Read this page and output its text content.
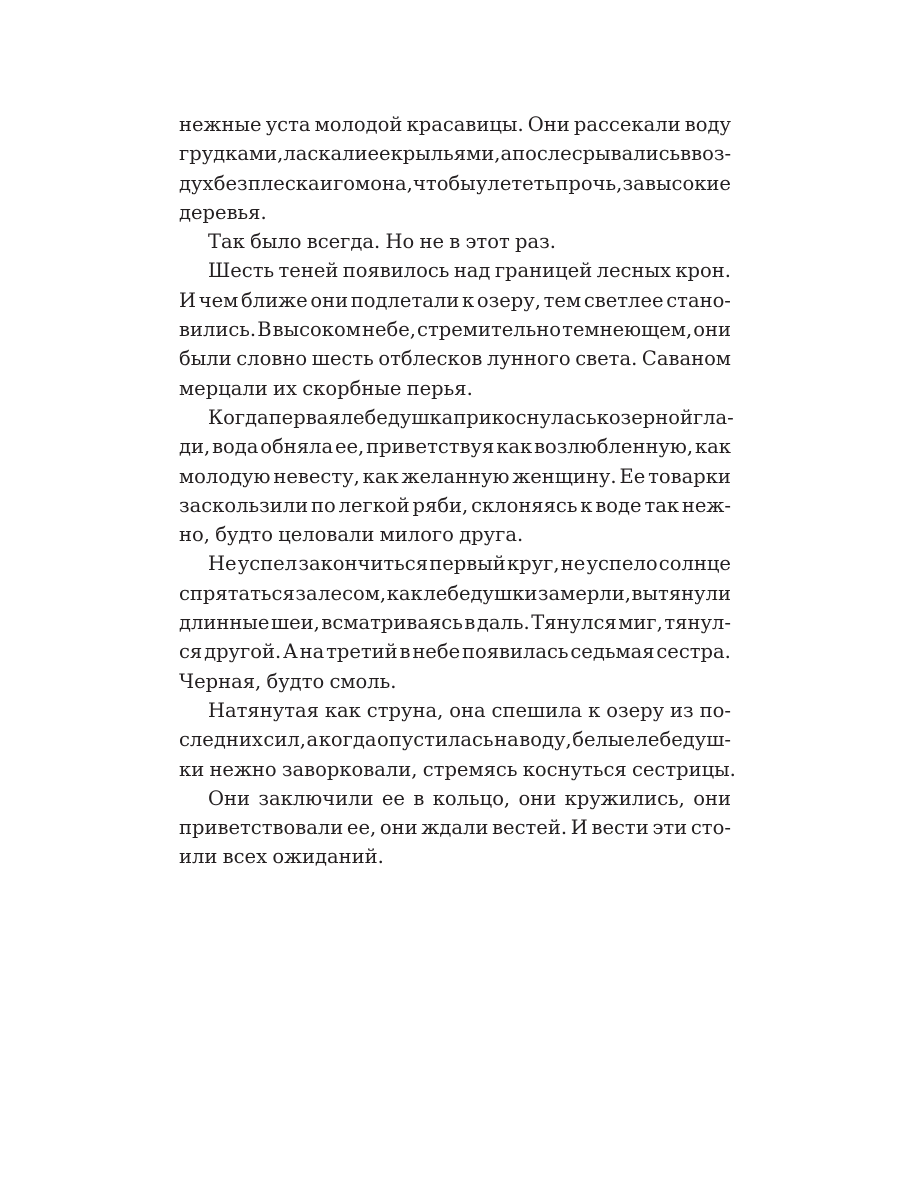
нежные уста молодой красавицы. Они рассекали воду
грудками, ласкали ее крыльями, а после срывались в воз-
дух без плеска и гомона, чтобы улететь прочь, за высокие
деревья.
Так было всегда. Но не в этот раз.
Шесть теней появилось над границей лесных крон.
И чем ближе они подлетали к озеру, тем светлее стано-
вились. В высоком небе, стремительно темнеющем, они
были словно шесть отблесков лунного света. Саваном
мерцали их скорбные перья.
Когда первая лебедушка прикоснулась к озерной гла-
ди, вода обняла ее, приветствуя как возлюбленную, как
молодую невесту, как желанную женщину. Ее товарки
заскользили по легкой ряби, склоняясь к воде так неж-
но, будто целовали милого друга.
Не успел закончиться первый круг, не успело солнце
спрятаться за лесом, как лебедушки замерли, вытянули
длинные шеи, всматриваясь в даль. Тянулся миг, тянул-
ся другой. А на третий в небе появилась седьмая сестра.
Черная, будто смоль.
Натянутая как струна, она спешила к озеру из по-
следних сил, а когда опустилась на воду, белые лебедуш-
ки нежно заворковали, стремясь коснуться сестрицы.
Они заключили ее в кольцо, они кружились, они
приветствовали ее, они ждали вестей. И вести эти сто-
или всех ожиданий.
